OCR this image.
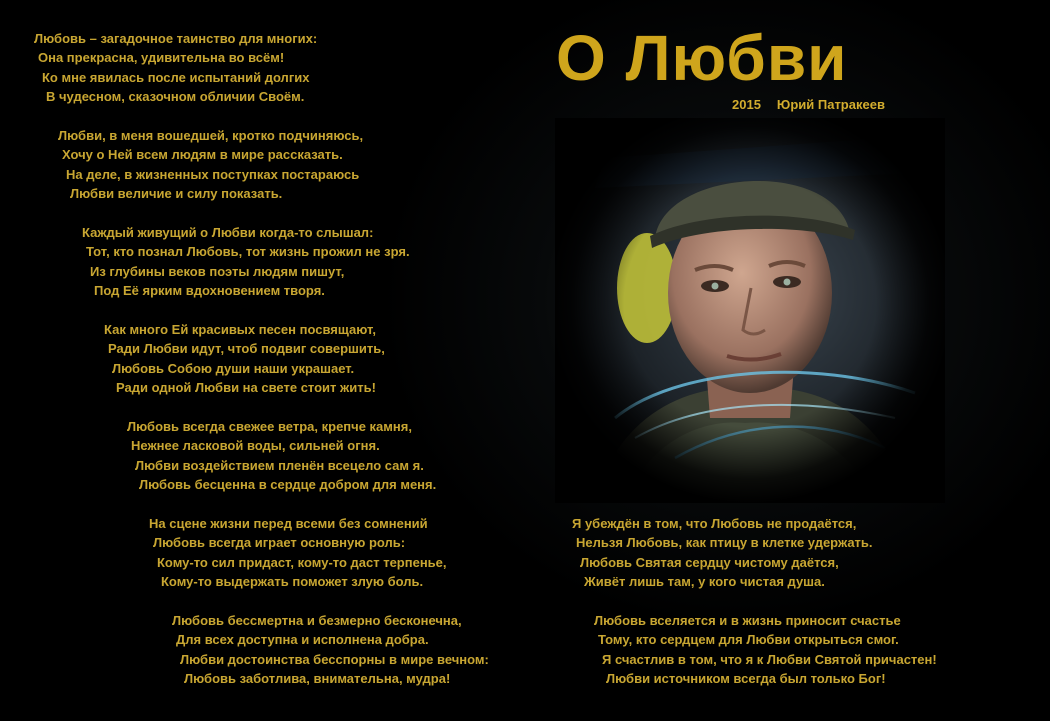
О Любви
2015 Юрий Патракеев
Любовь – загадочное таинство для многих:
Она прекрасна, удивительна во всём!
Ко мне явилась после испытаний долгих
В чудесном, сказочном обличии Своём.
Любви, в меня вошедшей, кротко подчиняюсь,
Хочу о Ней всем людям в мире рассказать.
На деле, в жизненных поступках постараюсь
Любви величие и силу показать.
Каждый живущий о Любви когда-то слышал:
Тот, кто познал Любовь, тот жизнь прожил не зря.
Из глубины веков поэты людям пишут,
Под Её ярким вдохновением творя.
Как много Ей красивых песен посвящают,
Ради Любви идут, чтоб подвиг совершить,
Любовь Собою души наши украшает.
Ради одной Любви на свете стоит жить!
Любовь всегда свежее ветра, крепче камня,
Нежнее ласковой воды, сильней огня.
Любви воздействием пленён всецело сам я.
Любовь бесценна в сердце добром для меня.
На сцене жизни перед всеми без сомнений
Любовь всегда играет основную роль:
Кому-то сил придаст, кому-то даст терпенье,
Кому-то выдержать поможет злую боль.
Любовь бессмертна и безмерно бесконечна,
Для всех доступна и исполнена добра.
Любви достоинства бесспорны в мире вечном:
Любовь заботлива, внимательна, мудра!
Я убеждён в том, что Любовь не продаётся,
Нельзя Любовь, как птицу в клетке удержать.
Любовь Святая сердцу чистому даётся,
Живёт лишь там, у кого чистая душа.
Любовь вселяется и в жизнь приносит счастье
Тому, кто сердцем для Любви открыться смог.
Я счастлив в том, что я к Любви Святой причастен!
Любви источником всегда был только Бог!
